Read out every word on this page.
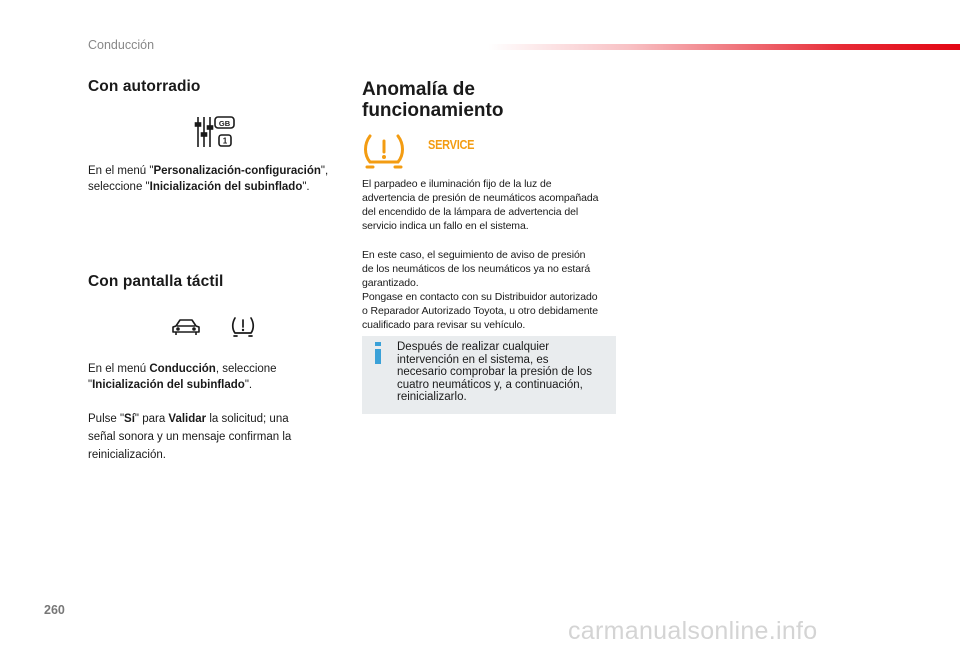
Conducción
Con autorradio
GB
1
En el menú "Personalización-configuración",
seleccione "Inicialización del subinflado".
Con pantalla táctil
En el menú Conducción, seleccione
"Inicialización del subinflado".
Pulse "Sí" para Validar la solicitud; una
señal sonora y un mensaje confirman la
reinicialización.
Anomalía de
funcionamiento
SERVICE
El parpadeo e iluminación fijo de la luz de
advertencia de presión de neumáticos acompañada
del encendido de la lámpara de advertencia del
servicio indica un fallo en el sistema.
En este caso, el seguimiento de aviso de presión
de los neumáticos de los neumáticos ya no estará
garantizado.
Pongase en contacto con su Distribuidor autorizado
o Reparador Autorizado Toyota, u otro debidamente
cualificado para revisar su vehículo.
Después de realizar cualquier
intervención en el sistema, es
necesario comprobar la presión de los
cuatro neumáticos y, a continuación,
reinicializarlo.
260
carmanualsonline.info
